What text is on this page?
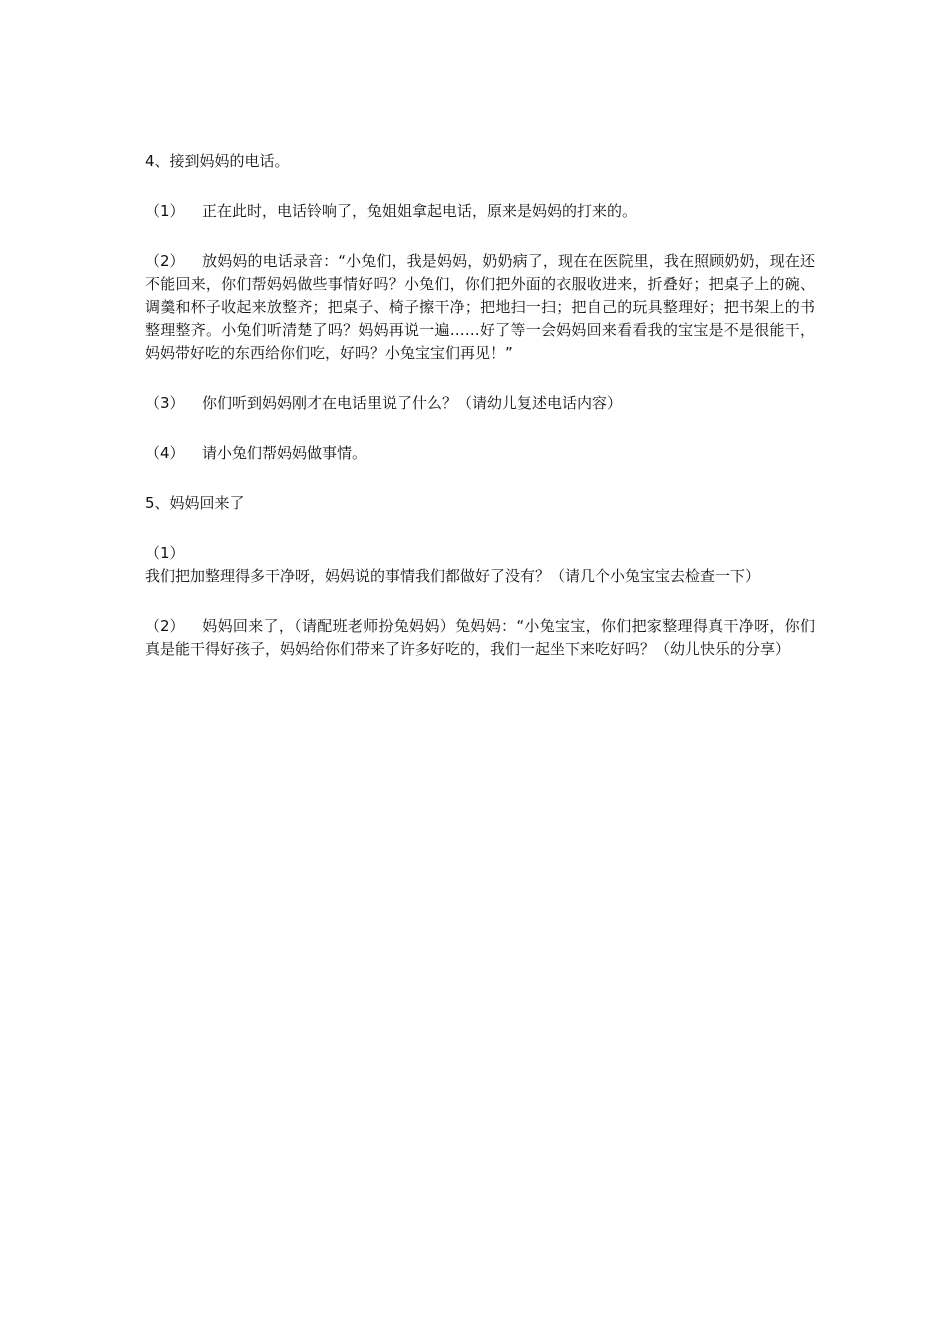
4、接到妈妈的电话。
（1） 正在此时，电话铃响了，兔姐姐拿起电话，原来是妈妈的打来的。
（2） 放妈妈的电话录音：“小兔们，我是妈妈，奶奶病了，现在在医院里，我在照顾奶奶，现在还不能回来，你们帮妈妈做些事情好吗？小兔们，你们把外面的衣服收进来，折叠好；把桌子上的碗、调羹和杯子收起来放整齐；把桌子、椅子擦干净；把地扫一扫；把自己的玩具整理好；把书架上的书整理整齐。小兔们听清楚了吗？妈妈再说一遍……好了等一会妈妈回来看看我的宝宝是不是很能干，妈妈带好吃的东西给你们吃，好吗？小兔宝宝们再见！”
（3） 你们听到妈妈刚才在电话里说了什么？（请幼儿复述电话内容）
（4） 请小兔们帮妈妈做事情。
5、妈妈回来了
（1）我们把加整理得多干净呀，妈妈说的事情我们都做好了没有？（请几个小兔宝宝去检查一下）
（2） 妈妈回来了，（请配班老师扮兔妈妈）兔妈妈：“小兔宝宝，你们把家整理得真干净呀，你们真是能干得好孩子，妈妈给你们带来了许多好吃的，我们一起坐下来吃好吗？（幼儿快乐的分享）
